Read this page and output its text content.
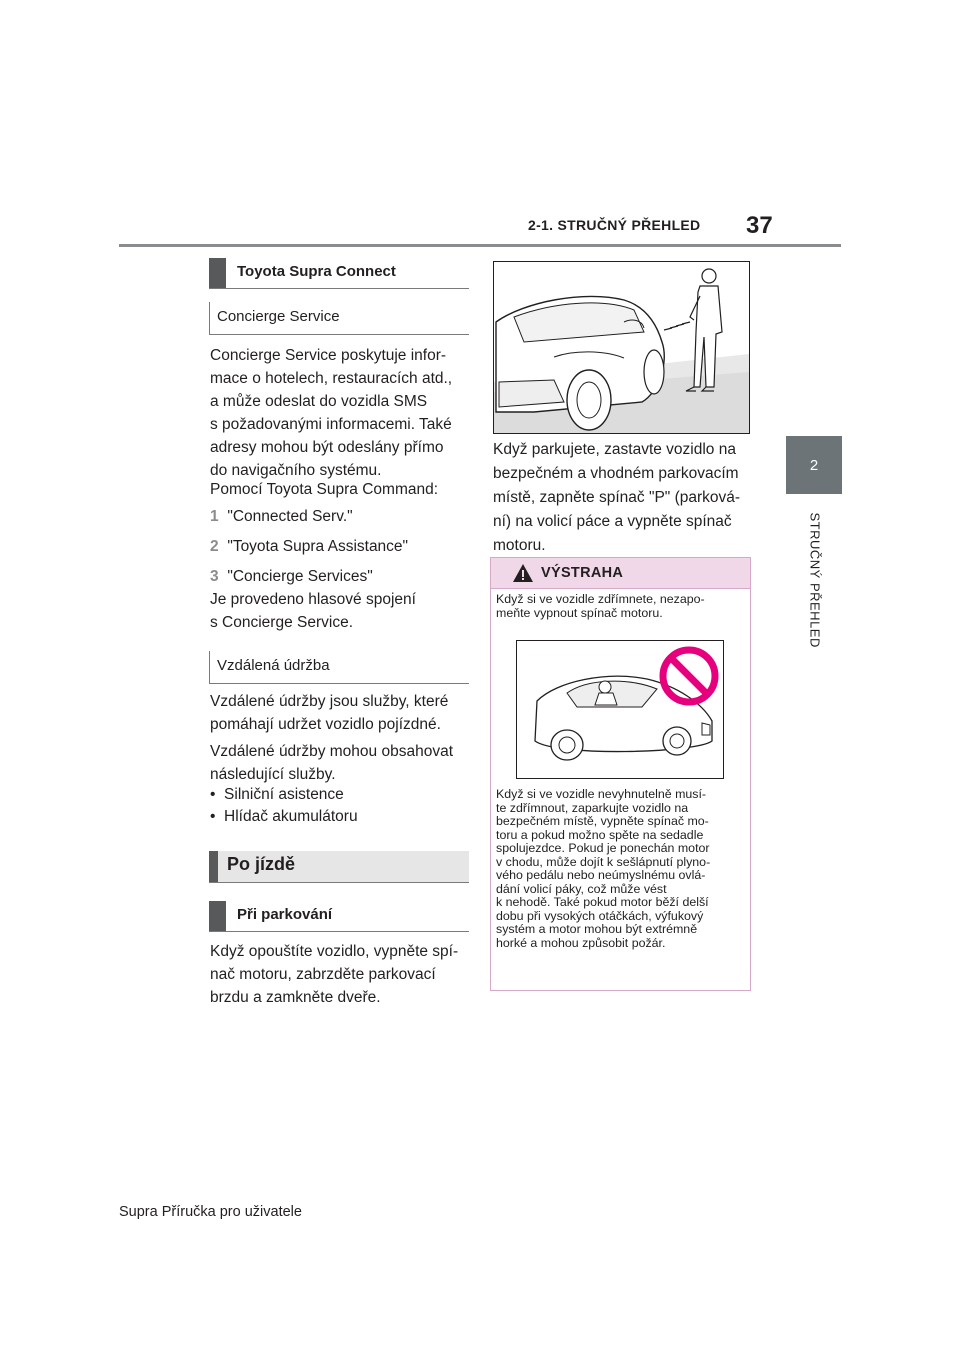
2-1. STRUČNÝ PŘEHLED 37
2
STRUČNÝ PŘEHLED
Toyota Supra Connect
Concierge Service
Concierge Service poskytuje infor-
mace o hotelech, restauracích atd.,
a může odeslat do vozidla SMS
s požadovanými informacemi. Také
adresy mohou být odeslány přímo
do navigačního systému.
Pomocí Toyota Supra Command:
1 "Connected Serv."
2 "Toyota Supra Assistance"
3 "Concierge Services"
Je provedeno hlasové spojení
s Concierge Service.
Vzdálená údržba
Vzdálené údržby jsou služby, které
pomáhají udržet vozidlo pojízdné.
Vzdálené údržby mohou obsahovat
následující služby.
•  Silniční asistence
•  Hlídač akumulátoru
Po jízdě
Při parkování
Když opouštíte vozidlo, vypněte spí-
nač motoru, zabrzděte parkovací
brzdu a zamkněte dveře.
Když parkujete, zastavte vozidlo na
bezpečném a vhodném parkovacím
místě, zapněte spínač "P" (parková-
ní) na volicí páce a vypněte spínač
motoru.
VÝSTRAHA
Když si ve vozidle zdřímnete, nezapo-
meňte vypnout spínač motoru.
Když si ve vozidle nevyhnutelně musí-
te zdřímnout, zaparkujte vozidlo na
bezpečném místě, vypněte spínač mo-
toru a pokud možno spěte na sedadle
spolujezdce. Pokud je ponechán motor
v chodu, může dojít k sešlápnutí plyno-
vého pedálu nebo neúmyslnému ovlá-
dání volicí páky, což může vést
k nehodě. Také pokud motor běží delší
dobu při vysokých otáčkách, výfukový
systém a motor mohou být extrémně
horké a mohou způsobit požár.
Supra Příručka pro uživatele
